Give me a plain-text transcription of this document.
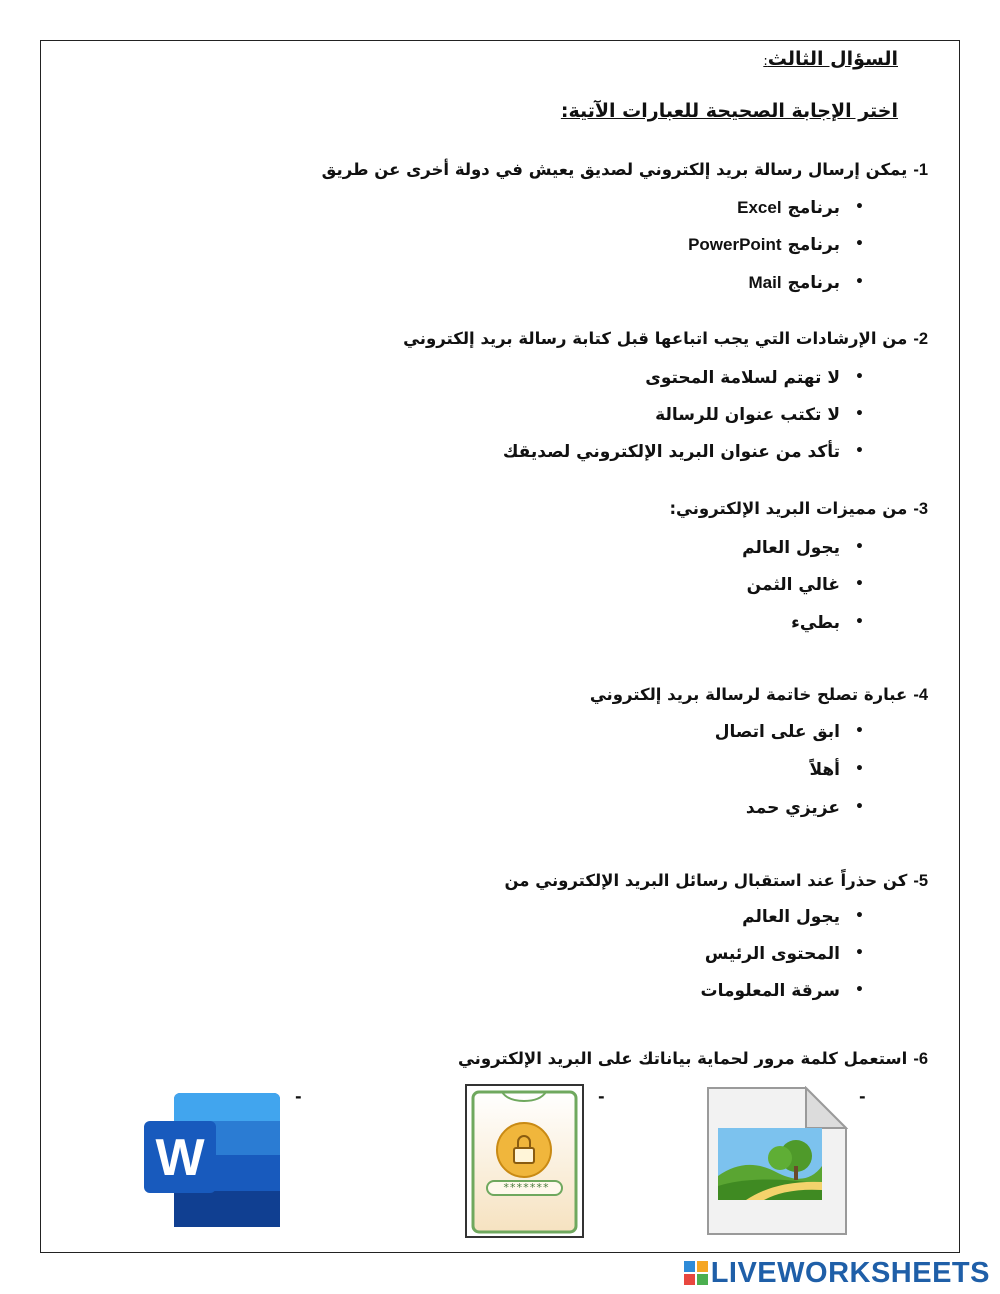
السؤال الثالث:
اختر الإجابة الصحيحة للعبارات الآتية:
1-يمكن إرسال رسالة بريد إلكتروني لصديق يعيش في دولة أخرى عن طريق
•
برنامج Excel
•
برنامج PowerPoint
•
برنامج Mail
2-من الإرشادات التي يجب اتباعها قبل كتابة رسالة بريد إلكتروني
•
لا تهتم لسلامة المحتوى
•
لا تكتب عنوان للرسالة
•
تأكد من عنوان البريد الإلكتروني لصديقك
3-من مميزات البريد الإلكتروني:
•
يجول العالم
•
غالي الثمن
•
بطيء
4-عبارة تصلح خاتمة لرسالة بريد إلكتروني
•
ابق على اتصال
•
أهلاً
•
عزيزي حمد
5-كن حذراً عند استقبال رسائل البريد الإلكتروني من
•
يجول العالم
•
المحتوى الرئيس
•
سرقة المعلومات
6-استعمل كلمة مرور لحماية بياناتك على البريد الإلكتروني
-
-
*******
-
W
LIVEWORKSHEETS
